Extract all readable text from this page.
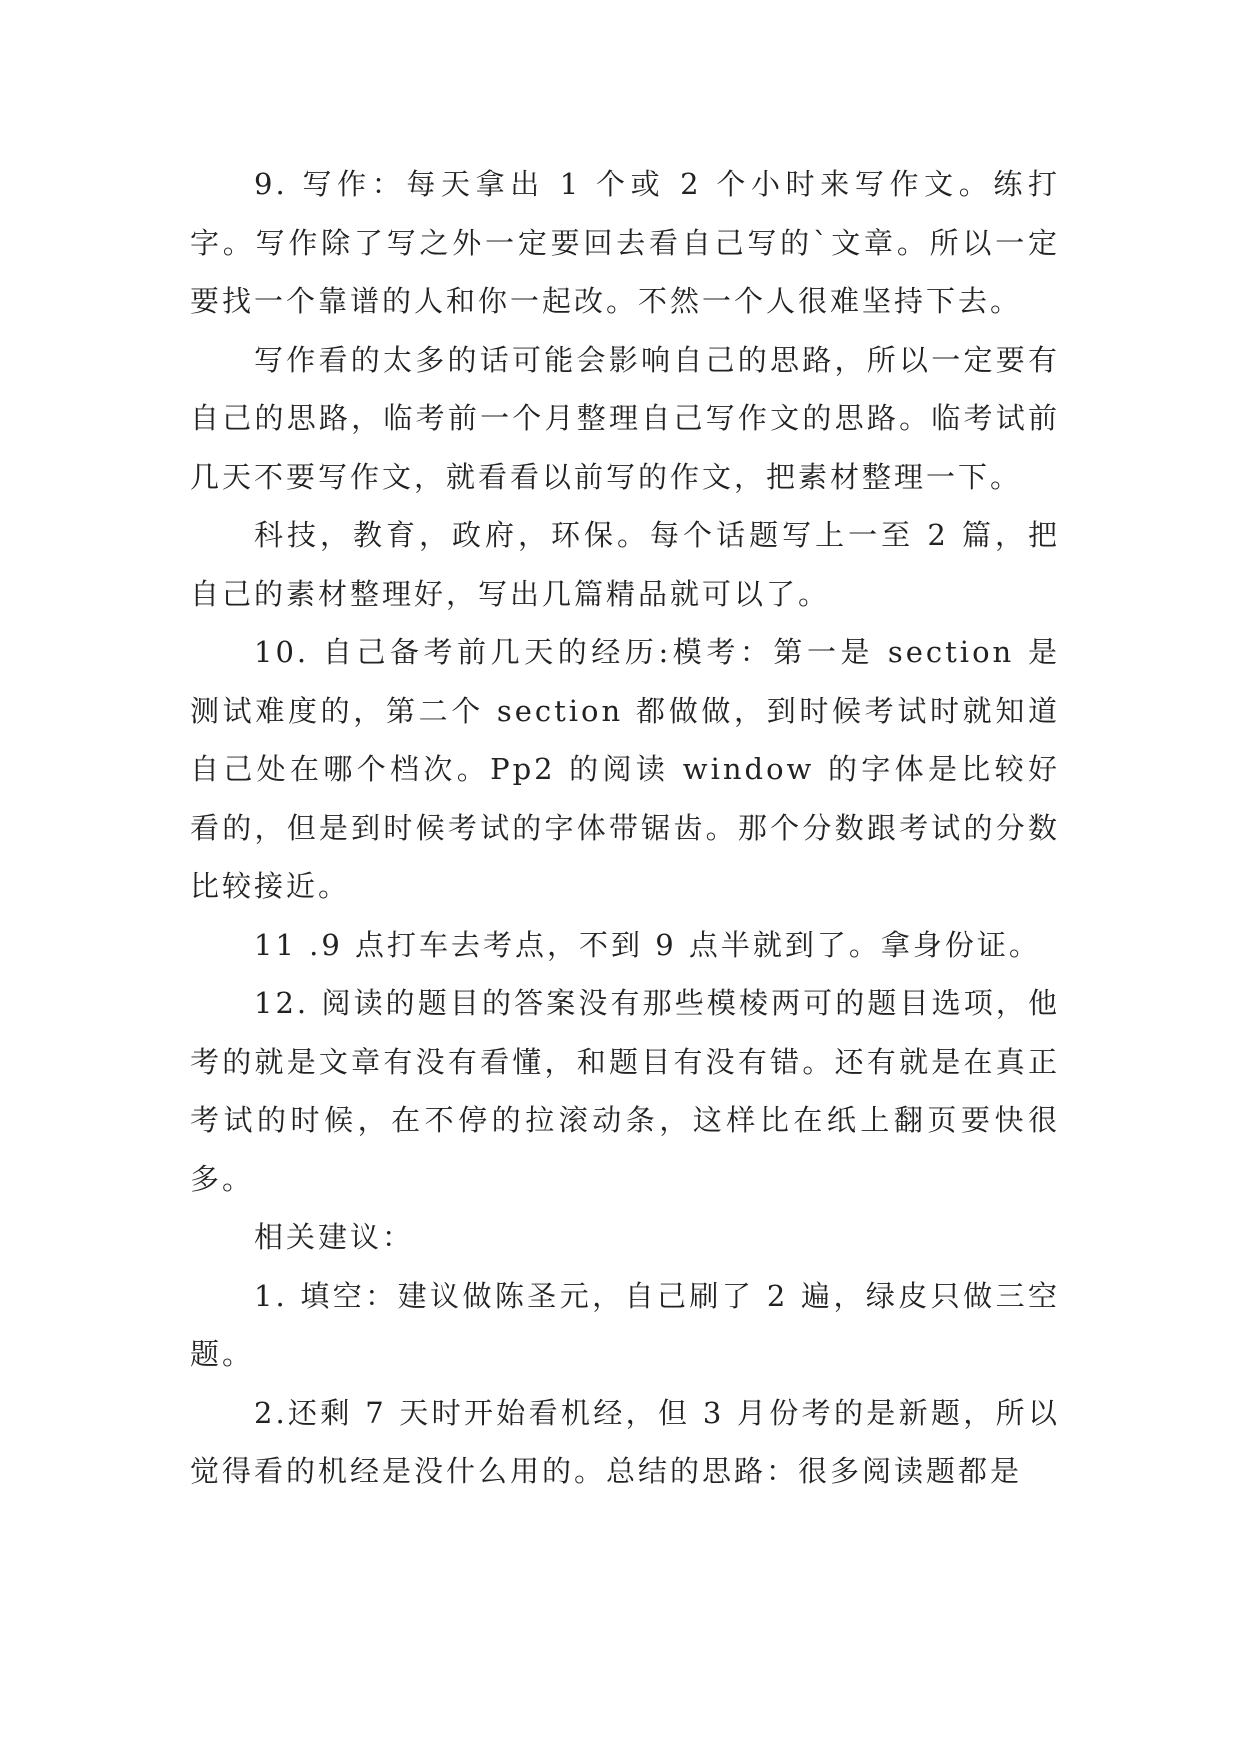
9. 写作：每天拿出 1 个或 2 个小时来写作文。练打字。写作除了写之外一定要回去看自己写的`文章。所以一定要找一个靠谱的人和你一起改。不然一个人很难坚持下去。

写作看的太多的话可能会影响自己的思路，所以一定要有自己的思路，临考前一个月整理自己写作文的思路。临考试前几天不要写作文，就看看以前写的作文，把素材整理一下。

科技，教育，政府，环保。每个话题写上一至 2 篇，把自己的素材整理好，写出几篇精品就可以了。

10. 自己备考前几天的经历:模考：第一是 section 是测试难度的，第二个 section 都做做，到时候考试时就知道自己处在哪个档次。Pp2 的阅读 window 的字体是比较好看的，但是到时候考试的字体带锯齿。那个分数跟考试的分数比较接近。

11 .9 点打车去考点，不到 9 点半就到了。拿身份证。

12. 阅读的题目的答案没有那些模棱两可的题目选项，他考的就是文章有没有看懂，和题目有没有错。还有就是在真正考试的时候，在不停的拉滚动条，这样比在纸上翻页要快很多。

相关建议：

1. 填空：建议做陈圣元，自己刷了 2 遍，绿皮只做三空题。

2.还剩 7 天时开始看机经，但 3 月份考的是新题，所以觉得看的机经是没什么用的。总结的思路：很多阅读题都是
